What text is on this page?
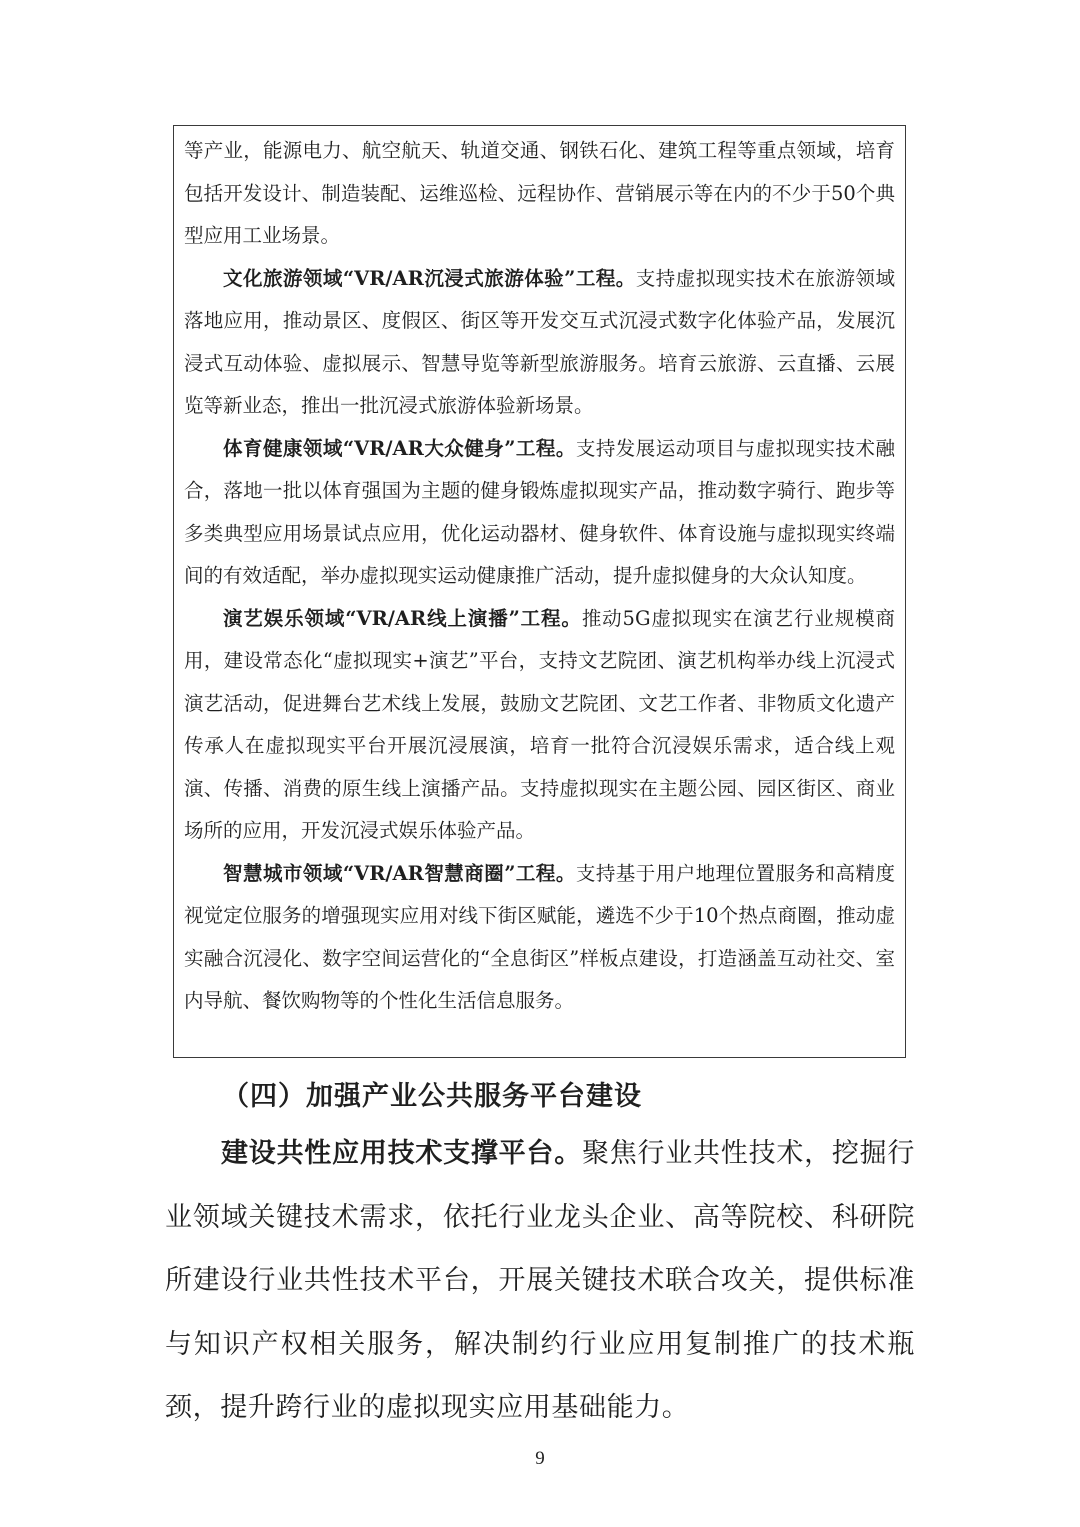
等产业，能源电力、航空航天、轨道交通、钢铁石化、建筑工程等重点领域，培育包括开发设计、制造装配、运维巡检、远程协作、营销展示等在内的不少于50个典型应用工业场景。

文化旅游领域“VR/AR沉浸式旅游体验”工程。支持虚拟现实技术在旅游领域落地应用，推动景区、度假区、街区等开发交互式沉浸式数字化体验产品，发展沉浸式互动体验、虚拟展示、智慧导览等新型旅游服务。培育云旅游、云直播、云展览等新业态，推出一批沉浸式旅游体验新场景。

体育健康领域“VR/AR大众健身”工程。支持发展运动项目与虚拟现实技术融合，落地一批以体育强国为主题的健身锻炼虚拟现实产品，推动数字骑行、跑步等多类典型应用场景试点应用，优化运动器材、健身软件、体育设施与虚拟现实终端间的有效适配，举办虚拟现实运动健康推广活动，提升虚拟健身的大众认知度。

演艺娱乐领域“VR/AR线上演播”工程。推动5G虚拟现实在演艺行业规模商用，建设常态化“虚拟现实+演艺”平台，支持文艺院团、演艺机构举办线上沉浸式演艺活动，促进舞台艺术线上发展，鼓励文艺院团、文艺工作者、非物质文化遗产传承人在虚拟现实平台开展沉浸展演，培育一批符合沉浸娱乐需求，适合线上观演、传播、消费的原生线上演播产品。支持虚拟现实在主题公园、园区街区、商业场所的应用，开发沉浸式娱乐体验产品。

智慧城市领域“VR/AR智慧商圈”工程。支持基于用户地理位置服务和高精度视觉定位服务的增强现实应用对线下街区赋能，遴选不少于10个热点商圈，推动虚实融合沉浸化、数字空间运营化的“全息街区”样板点建设，打造涵盖互动社交、室内导航、餐饮购物等的个性化生活信息服务。

（四）加强产业公共服务平台建设

建设共性应用技术支撑平台。聚焦行业共性技术，挖掘行业领域关键技术需求，依托行业龙头企业、高等院校、科研院所建设行业共性技术平台，开展关键技术联合攻关，提供标准与知识产权相关服务，解决制约行业应用复制推广的技术瓶颈，提升跨行业的虚拟现实应用基础能力。

9
